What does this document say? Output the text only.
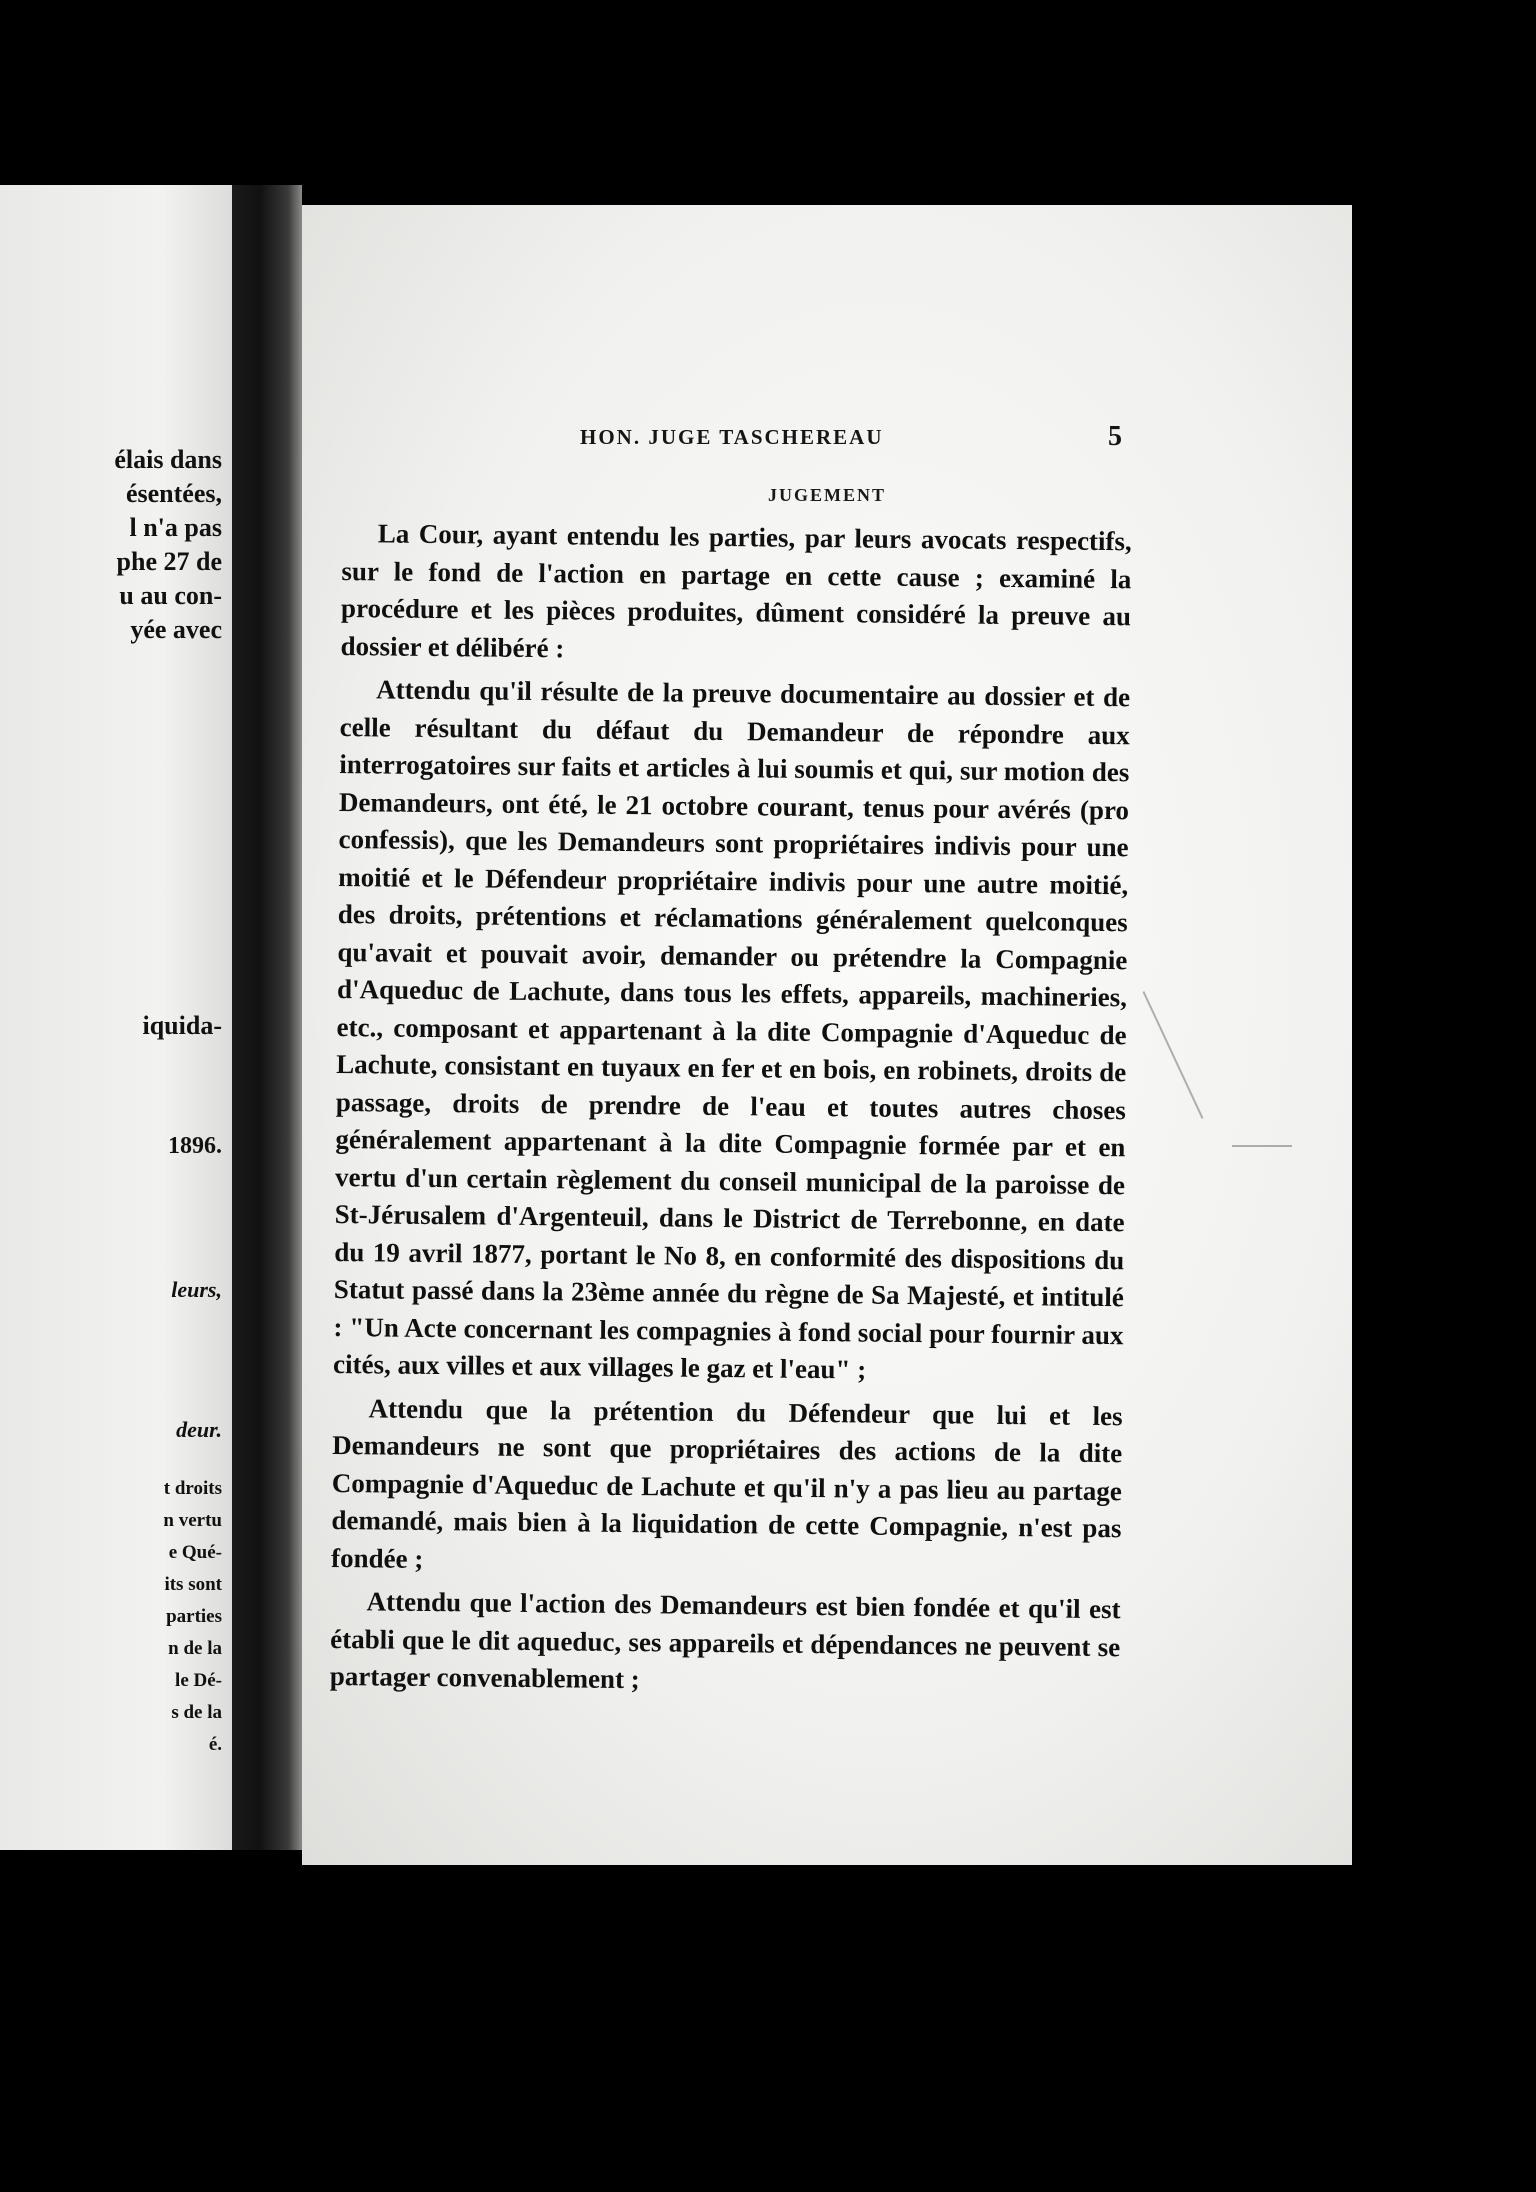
élais dans
ésentées,
l n'a pas
phe 27 de
u au con-
yée avec
iquida-
1896.
leurs,
deur.
t droits
n vertu
e Qué-
its sont
parties
n de la
le Dé-
s de la
é.
HON. JUGE TASCHEREAU	5
JUGEMENT

La Cour, ayant entendu les parties, par leurs avocats respectifs, sur le fond de l'action en partage en cette cause ; examiné la procédure et les pièces produites, dûment considéré la preuve au dossier et délibéré :

Attendu qu'il résulte de la preuve documentaire au dossier et de celle résultant du défaut du Demandeur de répondre aux interrogatoires sur faits et articles à lui soumis et qui, sur motion des Demandeurs, ont été, le 21 octobre courant, tenus pour avérés (pro confessis), que les Demandeurs sont propriétaires indivis pour une moitié et le Défendeur propriétaire indivis pour une autre moitié, des droits, prétentions et réclamations généralement quelconques qu'avait et pouvait avoir, demander ou prétendre la Compagnie d'Aqueduc de Lachute, dans tous les effets, appareils, machineries, etc., composant et appartenant à la dite Compagnie d'Aqueduc de Lachute, consistant en tuyaux en fer et en bois, en robinets, droits de passage, droits de prendre de l'eau et toutes autres choses généralement appartenant à la dite Compagnie formée par et en vertu d'un certain règlement du conseil municipal de la paroisse de St-Jérusalem d'Argenteuil, dans le District de Terrebonne, en date du 19 avril 1877, portant le No 8, en conformité des dispositions du Statut passé dans la 23ème année du règne de Sa Majesté, et intitulé : "Un Acte concernant les compagnies à fond social pour fournir aux cités, aux villes et aux villages le gaz et l'eau" ;

Attendu que la prétention du Défendeur que lui et les Demandeurs ne sont que propriétaires des actions de la dite Compagnie d'Aqueduc de Lachute et qu'il n'y a pas lieu au partage demandé, mais bien à la liquidation de cette Compagnie, n'est pas fondée ;

Attendu que l'action des Demandeurs est bien fondée et qu'il est établi que le dit aqueduc, ses appareils et dépendances ne peuvent se partager convenablement ;
